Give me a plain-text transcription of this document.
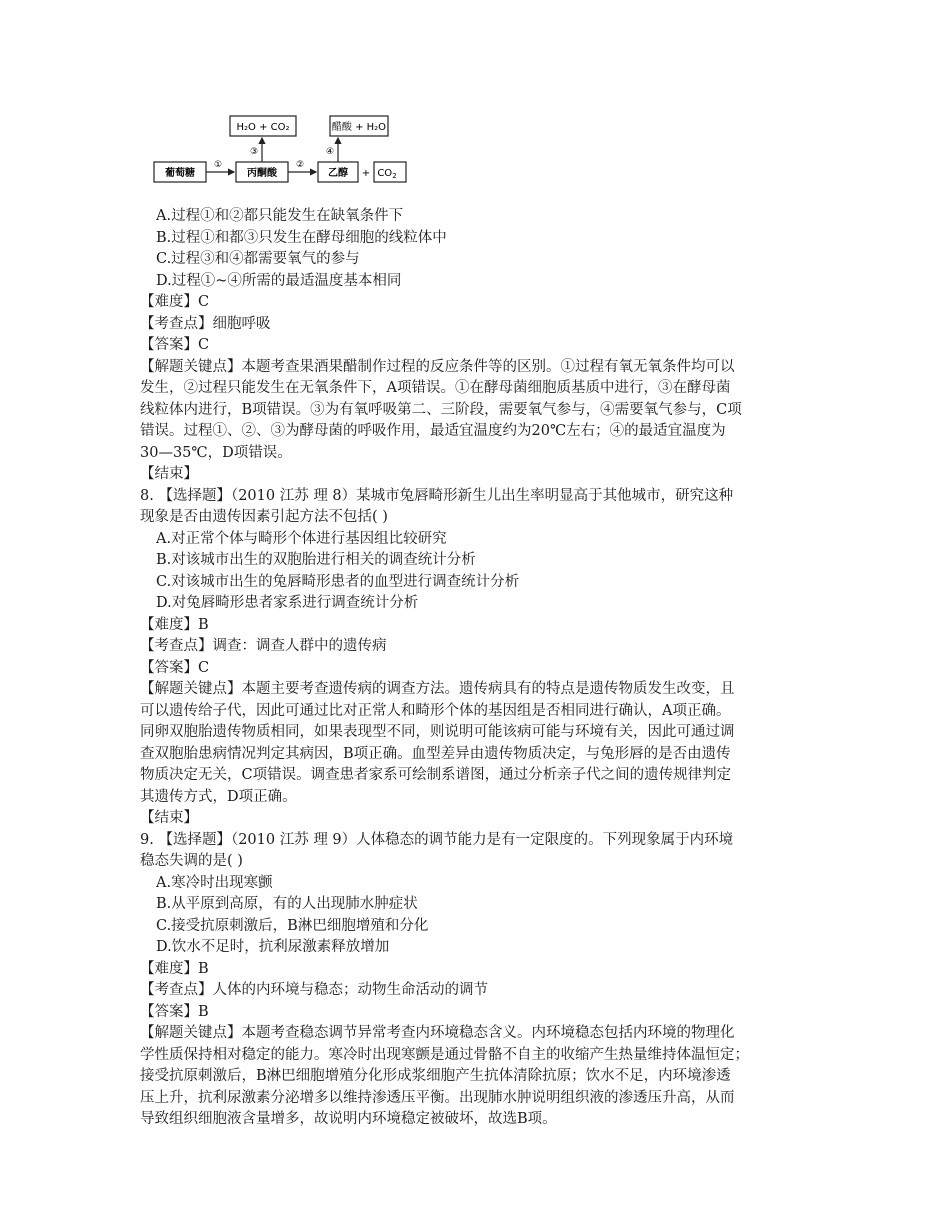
H₂O + CO₂	醋酸 + H₂O
葡萄糖	丙酮酸	乙醇 + $CO_2$
①	②
③	④
A.过程①和②都只能发生在缺氧条件下
B.过程①和都③只发生在酵母细胞的线粒体中
C.过程③和④都需要氧气的参与
D.过程①~④所需的最适温度基本相同
【难度】C
【考查点】细胞呼吸
【答案】C
【解题关键点】本题考查果酒果醋制作过程的反应条件等的区别。①过程有氧无氧条件均可以
发生，②过程只能发生在无氧条件下，A项错误。①在酵母菌细胞质基质中进行，③在酵母菌
线粒体内进行，B项错误。③为有氧呼吸第二、三阶段，需要氧气参与，④需要氧气参与，C项
错误。过程①、②、③为酵母菌的呼吸作用，最适宜温度约为20℃左右；④的最适宜温度为
30—35℃，D项错误。
【结束】
8. 【选择题】（2010 江苏 理 8）某城市兔唇畸形新生儿出生率明显高于其他城市，研究这种
现象是否由遗传因素引起方法不包括( )
A.对正常个体与畸形个体进行基因组比较研究
B.对该城市出生的双胞胎进行相关的调查统计分析
C.对该城市出生的兔唇畸形患者的血型进行调查统计分析
D.对兔唇畸形患者家系进行调查统计分析
【难度】B
【考查点】调查：调查人群中的遗传病
【答案】C
【解题关键点】本题主要考查遗传病的调查方法。遗传病具有的特点是遗传物质发生改变，且
可以遗传给子代，因此可通过比对正常人和畸形个体的基因组是否相同进行确认，A项正确。
同卵双胞胎遗传物质相同，如果表现型不同，则说明可能该病可能与环境有关，因此可通过调
查双胞胎患病情况判定其病因，B项正确。血型差异由遗传物质决定，与兔形唇的是否由遗传
物质决定无关，C项错误。调查患者家系可绘制系谱图，通过分析亲子代之间的遗传规律判定
其遗传方式，D项正确。
【结束】
9. 【选择题】（2010 江苏 理 9）人体稳态的调节能力是有一定限度的。下列现象属于内环境
稳态失调的是( )
A.寒冷时出现寒颤
B.从平原到高原，有的人出现肺水肿症状
C.接受抗原刺激后，B淋巴细胞增殖和分化
D.饮水不足时，抗利尿激素释放增加
【难度】B
【考查点】人体的内环境与稳态；动物生命活动的调节
【答案】B
【解题关键点】本题考查稳态调节异常考查内环境稳态含义。内环境稳态包括内环境的物理化
学性质保持相对稳定的能力。寒冷时出现寒颤是通过骨骼不自主的收缩产生热量维持体温恒定；
接受抗原刺激后，B淋巴细胞增殖分化形成浆细胞产生抗体清除抗原；饮水不足，内环境渗透
压上升，抗利尿激素分泌增多以维持渗透压平衡。出现肺水肿说明组织液的渗透压升高，从而
导致组织细胞液含量增多，故说明内环境稳定被破坏，故选B项。
